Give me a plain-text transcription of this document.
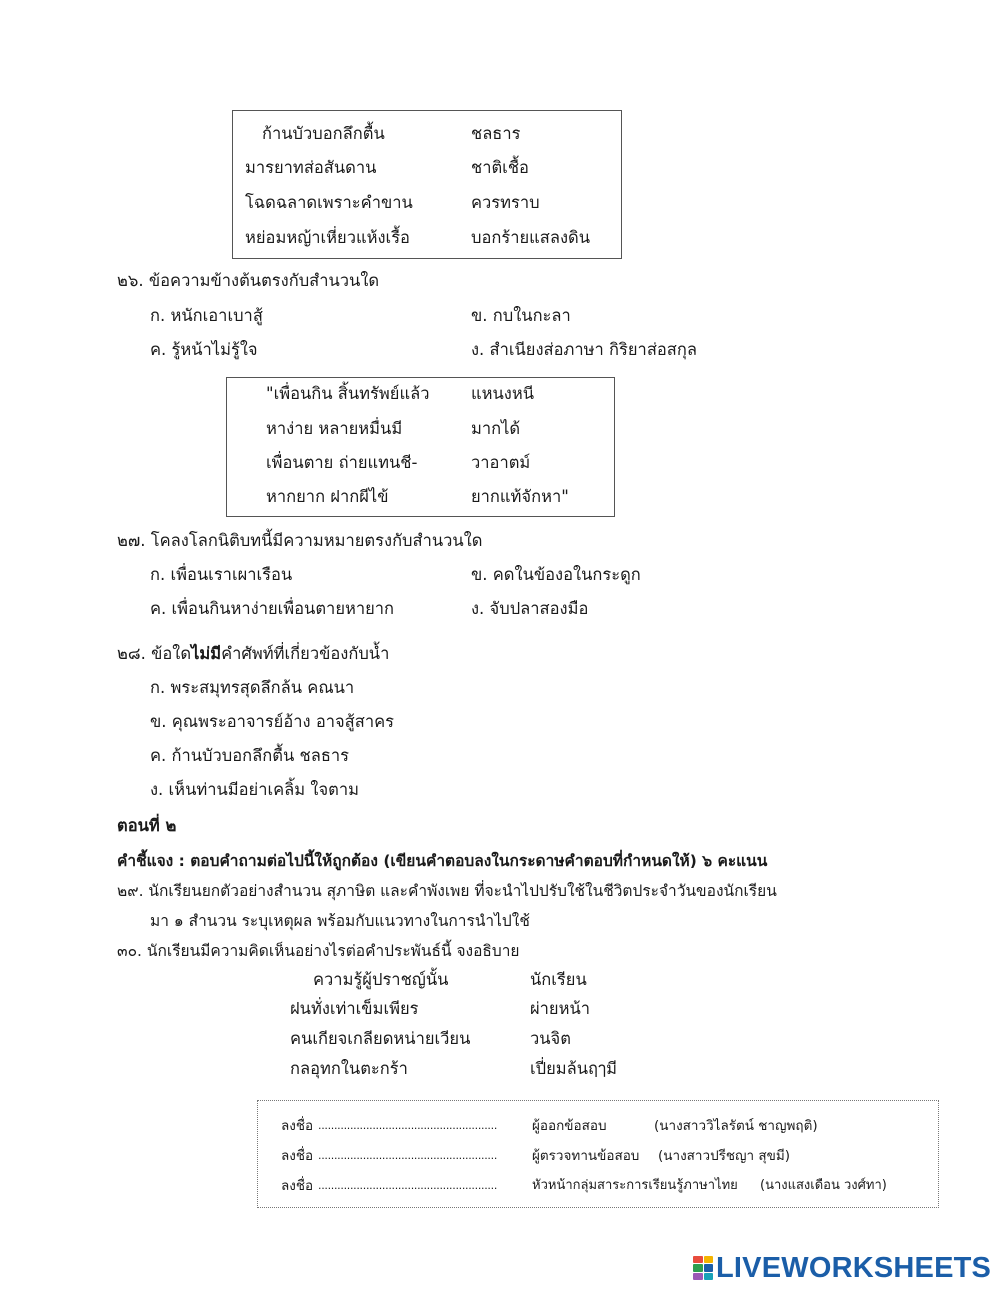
ก้านบัวบอกลึกตื้น	ชลธาร
มารยาทส่อสันดาน	ชาติเชื้อ
โฉดฉลาดเพราะคำขาน	ควรทราบ
หย่อมหญ้าเหี่ยวแห้งเรื้อ	บอกร้ายแสลงดิน
๒๖. ข้อความข้างต้นตรงกับสำนวนใด
ก. หนักเอาเบาสู้	ข. กบในกะลา
ค. รู้หน้าไม่รู้ใจ	ง. สำเนียงส่อภาษา กิริยาส่อสกุล
"เพื่อนกิน สิ้นทรัพย์แล้ว	แหนงหนี
หาง่าย หลายหมื่นมี	มากได้
เพื่อนตาย ถ่ายแทนชี-	วาอาตม์
หากยาก ฝากผีไข้	ยากแท้จักหา"
๒๗. โคลงโลกนิติบทนี้มีความหมายตรงกับสำนวนใด
ก. เพื่อนเราเผาเรือน	ข. คดในข้องอในกระดูก
ค. เพื่อนกินหาง่ายเพื่อนตายหายาก	ง. จับปลาสองมือ
๒๘. ข้อใดไม่มีคำศัพท์ที่เกี่ยวข้องกับน้ำ
ก. พระสมุทรสุดลึกล้น คณนา
ข. คุณพระอาจารย์อ้าง อาจสู้สาคร
ค. ก้านบัวบอกลึกตื้น ชลธาร
ง. เห็นท่านมีอย่าเคลิ้ม ใจตาม
ตอนที่ ๒
คำชี้แจง : ตอบคำถามต่อไปนี้ให้ถูกต้อง (เขียนคำตอบลงในกระดาษคำตอบที่กำหนดให้) ๖ คะแนน
๒๙. นักเรียนยกตัวอย่างสำนวน สุภาษิต และคำพังเพย ที่จะนำไปปรับใช้ในชีวิตประจำวันของนักเรียน
มา ๑ สำนวน ระบุเหตุผล พร้อมกับแนวทางในการนำไปใช้
๓๐. นักเรียนมีความคิดเห็นอย่างไรต่อคำประพันธ์นี้ จงอธิบาย
ความรู้ผู้ปราชญ์นั้น	นักเรียน
ฝนทั่งเท่าเข็มเพียร	ผ่ายหน้า
คนเกียจเกลียดหน่ายเวียน	วนจิต
กลอุทกในตะกร้า	เปี่ยมล้นฤๅมี
ลงชื่อ ........................................................	ผู้ออกข้อสอบ	(นางสาววิไลรัตน์ ชาญพฤติ)
ลงชื่อ ........................................................	ผู้ตรวจทานข้อสอบ (นางสาวปรีชญา สุขมี)
ลงชื่อ ........................................................	หัวหน้ากลุ่มสาระการเรียนรู้ภาษาไทย (นางแสงเดือน วงศ์ทา)
LIVEWORKSHEETS
